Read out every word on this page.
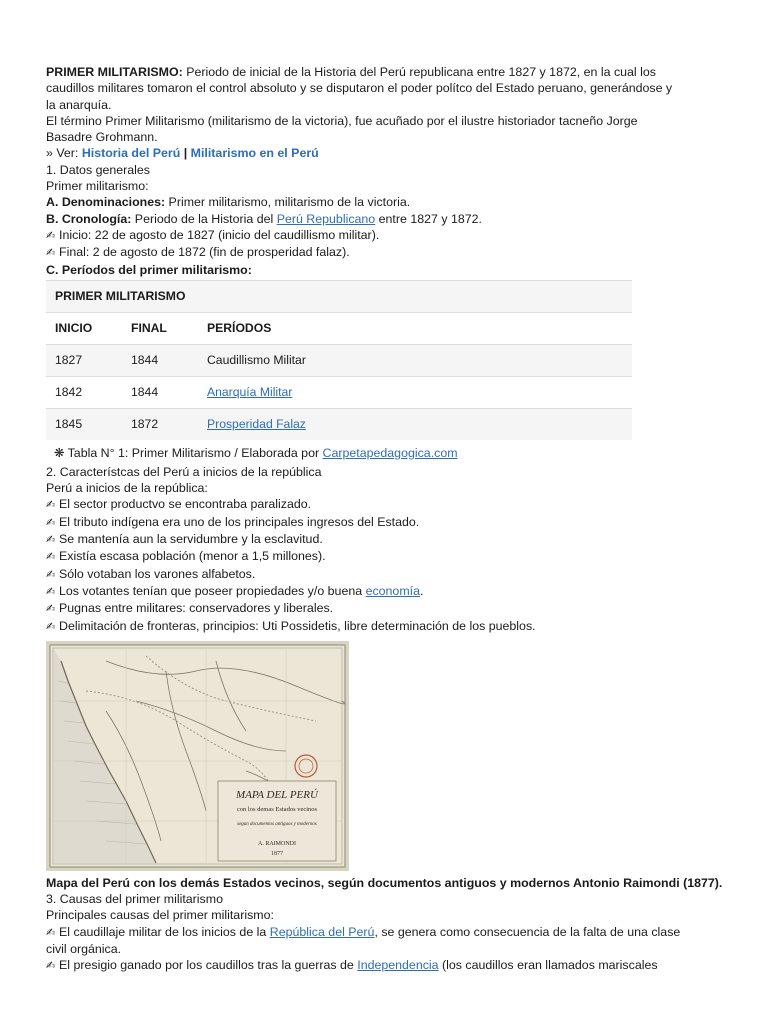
PRIMER MILITARISMO: Periodo de inicial de la Historia del Perú republicana entre 1827 y 1872, en la cual los
caudillos militares tomaron el control absoluto y se disputaron el poder polítco del Estado peruano, generándose y
la anarquía.
El término Primer Militarismo (militarismo de la victoria), fue acuñado por el ilustre historiador tacneño Jorge
Basadre Grohmann.
» Ver: Historia del Perú | Militarismo en el Perú
1. Datos generales
Primer militarismo:
A. Denominaciones: Primer militarismo, militarismo de la victoria.
B. Cronología: Periodo de la Historia del Perú Republicano entre 1827 y 1872.
✍ Inicio: 22 de agosto de 1827 (inicio del caudillismo militar).
✍ Final: 2 de agosto de 1872 (fin de prosperidad falaz).
C. Períodos del primer militarismo:
PRIMER MILITARISMO		
INICIO	FINAL	PERÍODOS
1827	1844	Caudillismo Militar
1842	1844	Anarquía Militar
1845	1872	Prosperidad Falaz
❋ Tabla N° 1: Primer Militarismo / Elaborada por Carpetapedagogica.com
2. Característcas del Perú a inicios de la república
Perú a inicios de la república:
✍ El sector productvo se encontraba paralizado.
✍ El tributo indígena era uno de los principales ingresos del Estado.
✍ Se mantenía aun la servidumbre y la esclavitud.
✍ Existía escasa población (menor a 1,5 millones).
✍ Sólo votaban los varones alfabetos.
✍ Los votantes tenían que poseer propiedades y/o buena economía.
✍ Pugnas entre militares: conservadores y liberales.
✍ Delimitación de fronteras, principios: Uti Possidetis, libre determinación de los pueblos.
MAPA DEL PERÚ
con los demas Estados vecinos
segun documentos antiguos y modernos
A. RAIMONDI
1877
Mapa del Perú con los demás Estados vecinos, según documentos antiguos y modernos Antonio Raimondi (1877).
3. Causas del primer militarismo
Principales causas del primer militarismo:
✍ El caudillaje militar de los inicios de la República del Perú, se genera como consecuencia de la falta de una clase
civil orgánica.
✍ El presigio ganado por los caudillos tras la guerras de Independencia (los caudillos eran llamados mariscales
